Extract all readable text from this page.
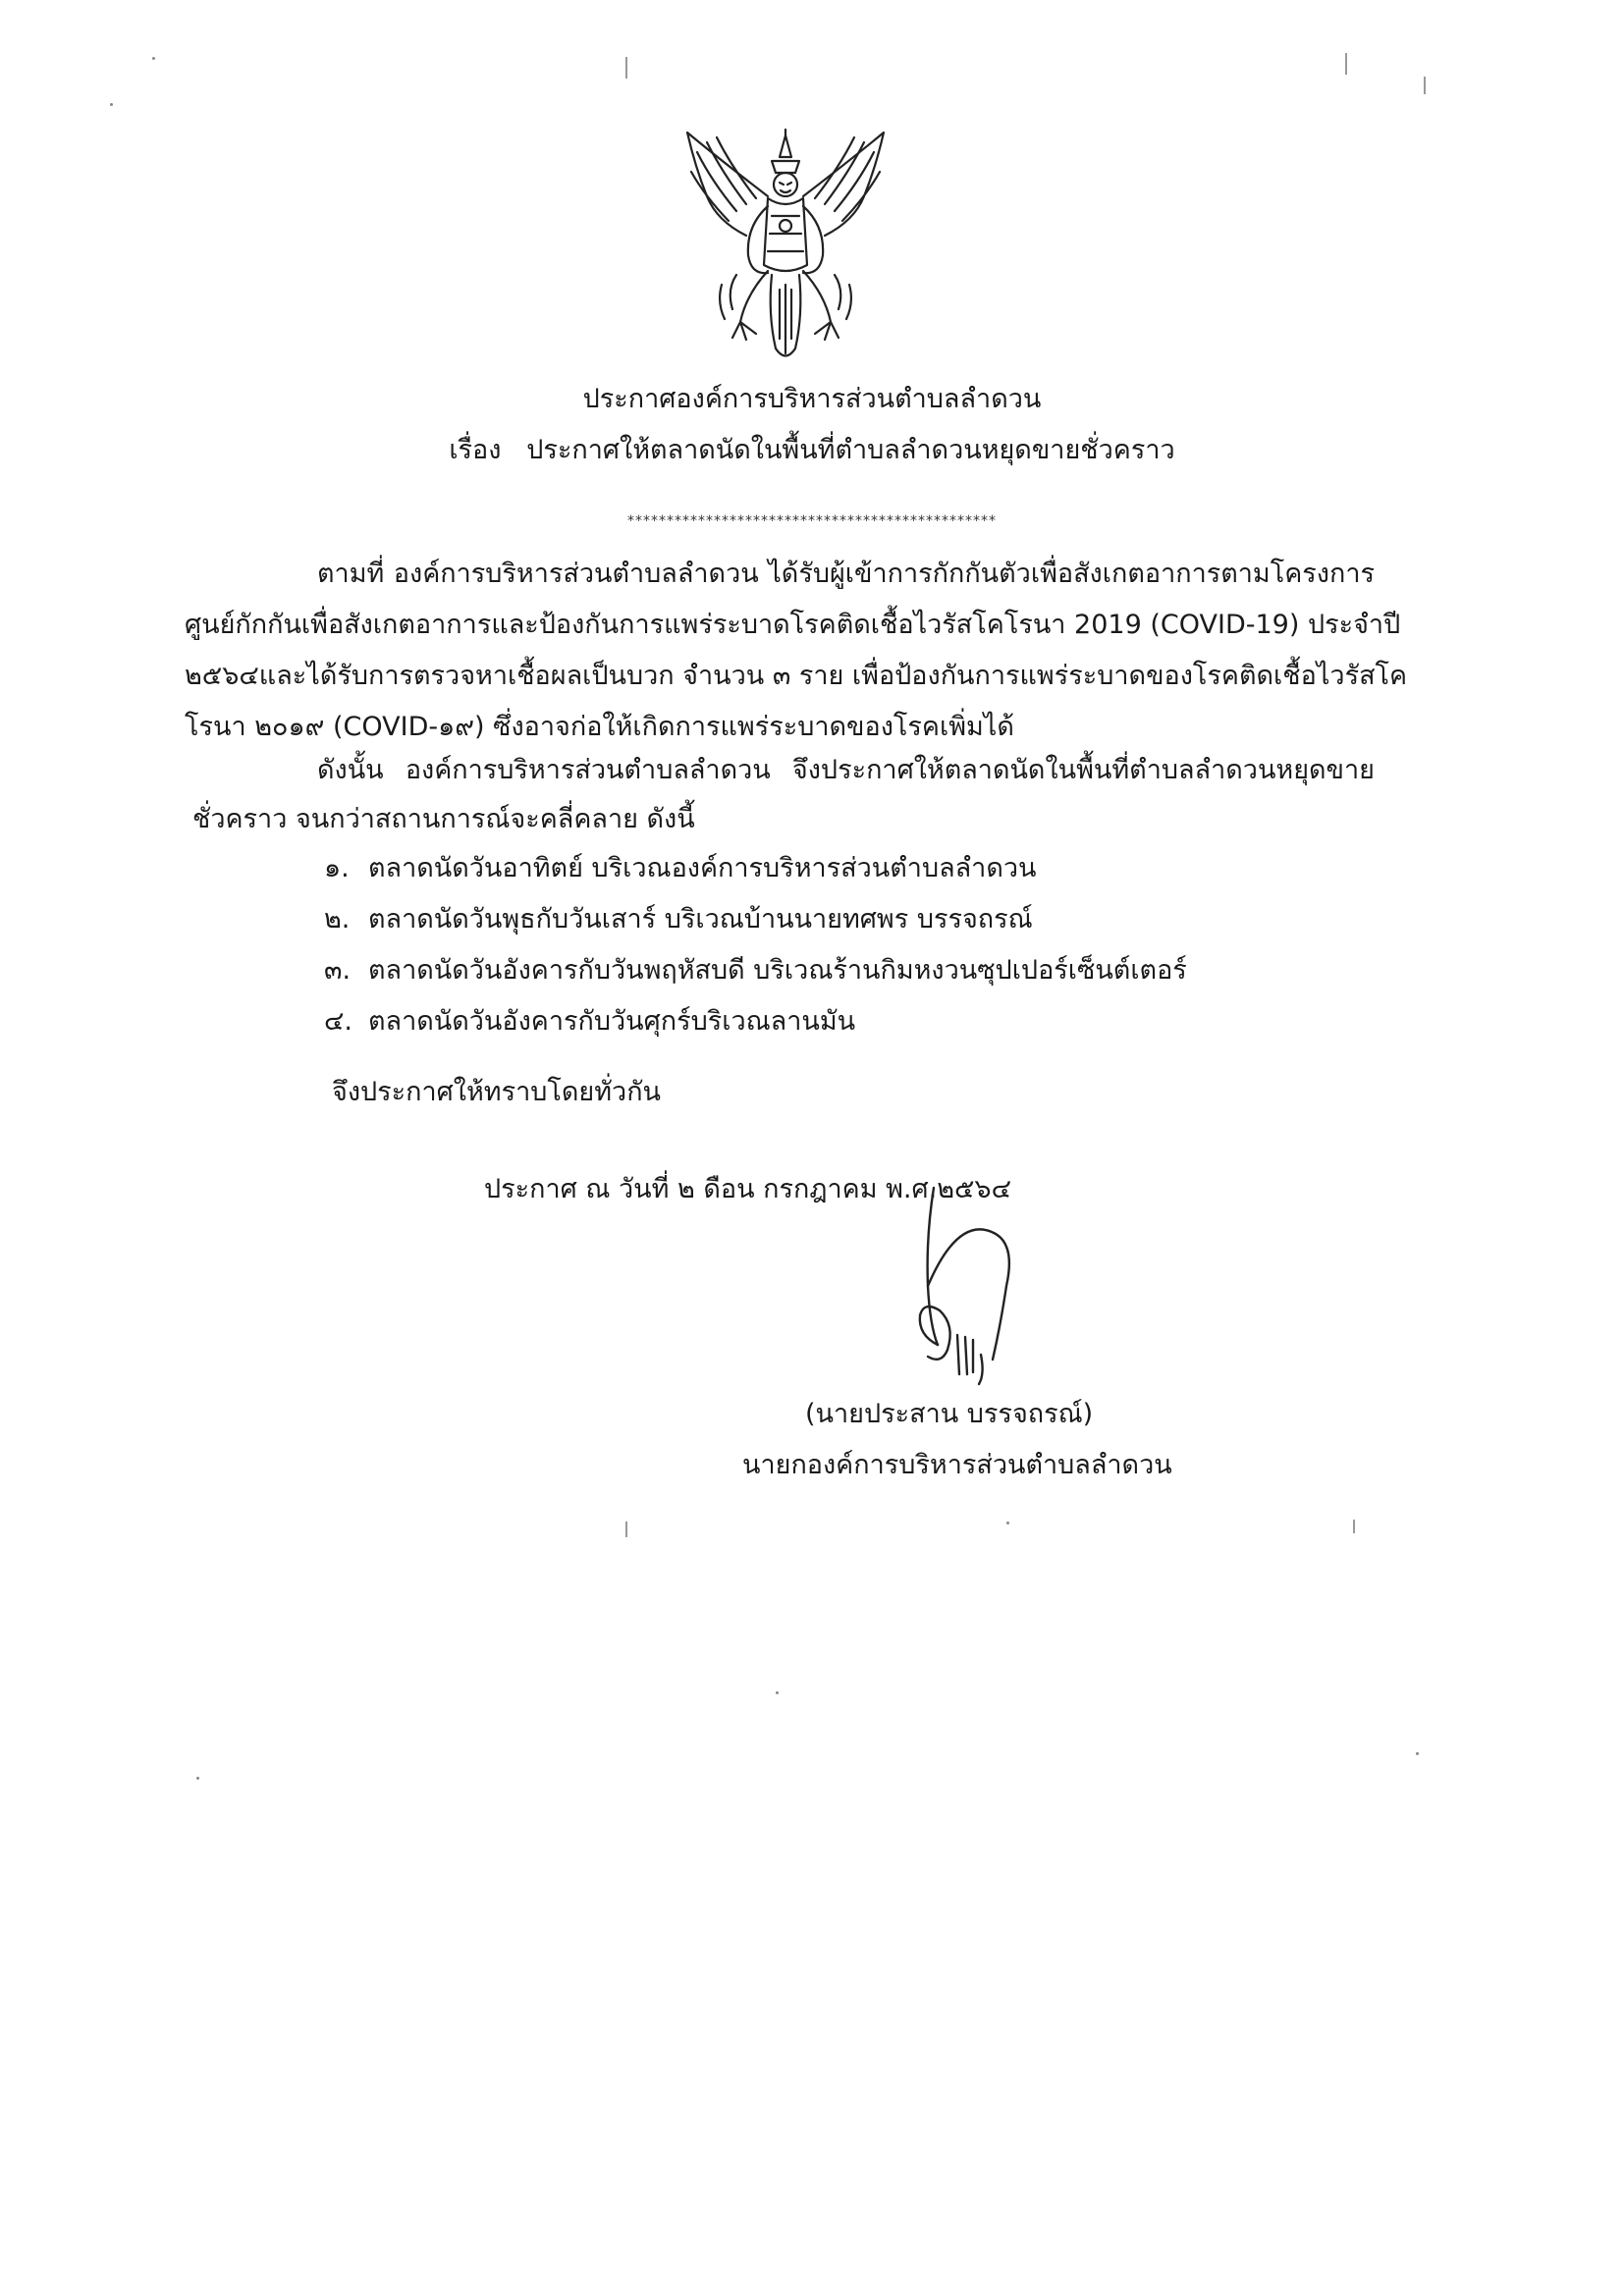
ประกาศองค์การบริหารส่วนตำบลลำดวน
เรื่อง ประกาศให้ตลาดนัดในพื้นที่ตำบลลำดวนหยุดขายชั่วคราว
***********************************************
ตามที่ องค์การบริหารส่วนตำบลลำดวน ได้รับผู้เข้าการกักกันตัวเพื่อสังเกตอาการตามโครงการ
ศูนย์กักกันเพื่อสังเกตอาการและป้องกันการแพร่ระบาดโรคติดเชื้อไวรัสโคโรนา 2019 (COVID-19) ประจำปี
๒๕๖๔และได้รับการตรวจหาเชื้อผลเป็นบวก จำนวน ๓ ราย เพื่อป้องกันการแพร่ระบาดของโรคติดเชื้อไวรัสโค
โรนา ๒๐๑๙ (COVID-๑๙) ซึ่งอาจก่อให้เกิดการแพร่ระบาดของโรคเพิ่มได้
ดังนั้น องค์การบริหารส่วนตำบลลำดวน จึงประกาศให้ตลาดนัดในพื้นที่ตำบลลำดวนหยุดขาย
ชั่วคราว จนกว่าสถานการณ์จะคลี่คลาย ดังนี้
๑. ตลาดนัดวันอาทิตย์ บริเวณองค์การบริหารส่วนตำบลลำดวน
๒. ตลาดนัดวันพุธกับวันเสาร์ บริเวณบ้านนายทศพร บรรจถรณ์
๓. ตลาดนัดวันอังคารกับวันพฤหัสบดี บริเวณร้านกิมหงวนซุปเปอร์เซ็นต์เตอร์
๔. ตลาดนัดวันอังคารกับวันศุกร์บริเวณลานมัน
จึงประกาศให้ทราบโดยทั่วกัน
ประกาศ ณ วันที่ ๒ ดือน กรกฎาคม พ.ศ.๒๕๖๔
(นายประสาน บรรจถรณ์)
นายกองค์การบริหารส่วนตำบลลำดวน
